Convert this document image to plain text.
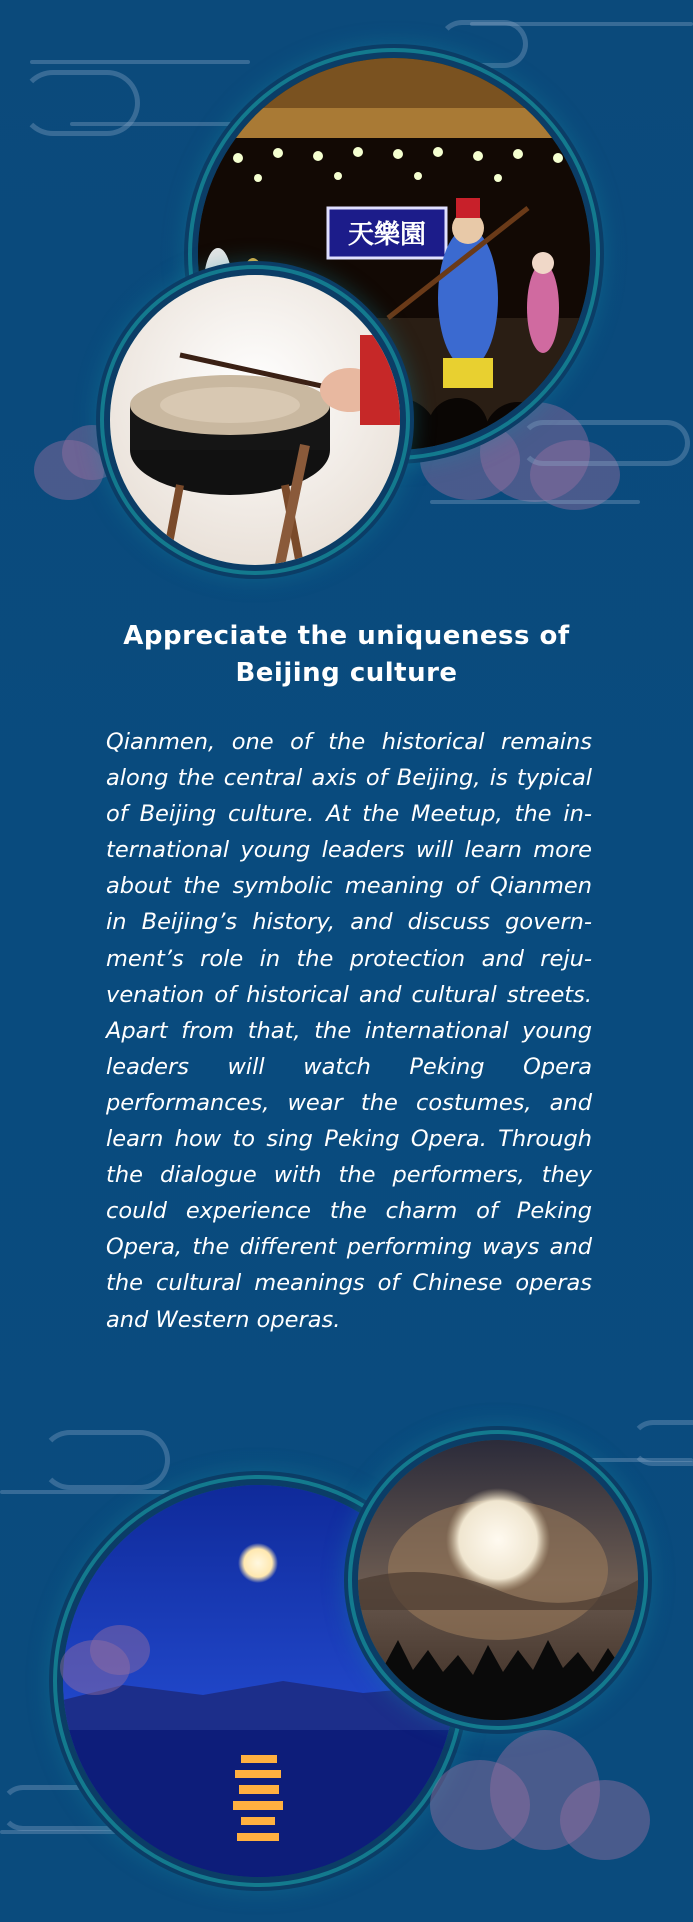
天樂園
Appreciate the uniqueness of Beijing culture
Qianmen, one of the historical remains along the central axis of Beijing, is typical of Beijing culture. At the Meetup, the international young leaders will learn more about the symbolic meaning of Qianmen in Beijing’s history, and discuss government’s role in the protection and rejuvenation of historical and cultural streets. Apart from that, the international young leaders will watch Peking Opera performances, wear the costumes, and learn how to sing Peking Opera. Through the dialogue with the performers, they could experience the charm of Peking Opera, the different performing ways and the cultural meanings of Chinese operas and Western operas.
